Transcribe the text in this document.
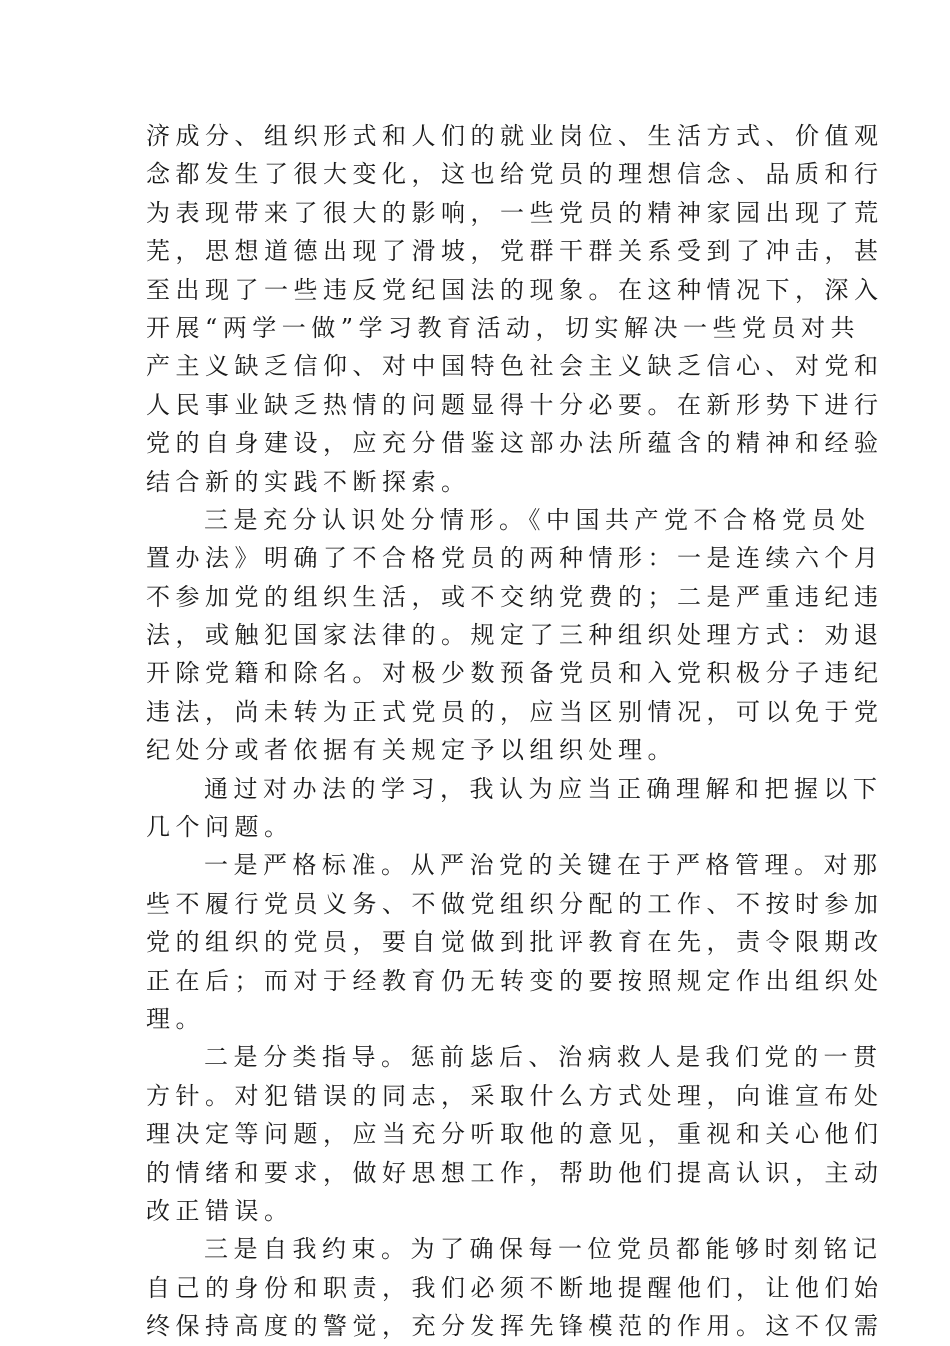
济成分、组织形式和人们的就业岗位、生活方式、价值观
念都发生了很大变化，这也给党员的理想信念、品质和行
为表现带来了很大的影响，一些党员的精神家园出现了荒
芜，思想道德出现了滑坡，党群干群关系受到了冲击，甚
至出现了一些违反党纪国法的现象。在这种情况下，深入
开展“两学一做”学习教育活动，切实解决一些党员对共
产主义缺乏信仰、对中国特色社会主义缺乏信心、对党和
人民事业缺乏热情的问题显得十分必要。在新形势下进行
党的自身建设，应充分借鉴这部办法所蕴含的精神和经验
结合新的实践不断探索。
三是充分认识处分情形。《中国共产党不合格党员处
置办法》明确了不合格党员的两种情形：一是连续六个月
不参加党的组织生活，或不交纳党费的；二是严重违纪违
法，或触犯国家法律的。规定了三种组织处理方式：劝退
开除党籍和除名。对极少数预备党员和入党积极分子违纪
违法，尚未转为正式党员的，应当区别情况，可以免于党
纪处分或者依据有关规定予以组织处理。
通过对办法的学习，我认为应当正确理解和把握以下
几个问题。
一是严格标准。从严治党的关键在于严格管理。对那
些不履行党员义务、不做党组织分配的工作、不按时参加
党的组织的党员，要自觉做到批评教育在先，责令限期改
正在后；而对于经教育仍无转变的要按照规定作出组织处
理。
二是分类指导。惩前毖后、治病救人是我们党的一贯
方针。对犯错误的同志，采取什么方式处理，向谁宣布处
理决定等问题，应当充分听取他的意见，重视和关心他们
的情绪和要求，做好思想工作，帮助他们提高认识，主动
改正错误。
三是自我约束。为了确保每一位党员都能够时刻铭记
自己的身份和职责，我们必须不断地提醒他们，让他们始
终保持高度的警觉，充分发挥先锋模范的作用。这不仅需
